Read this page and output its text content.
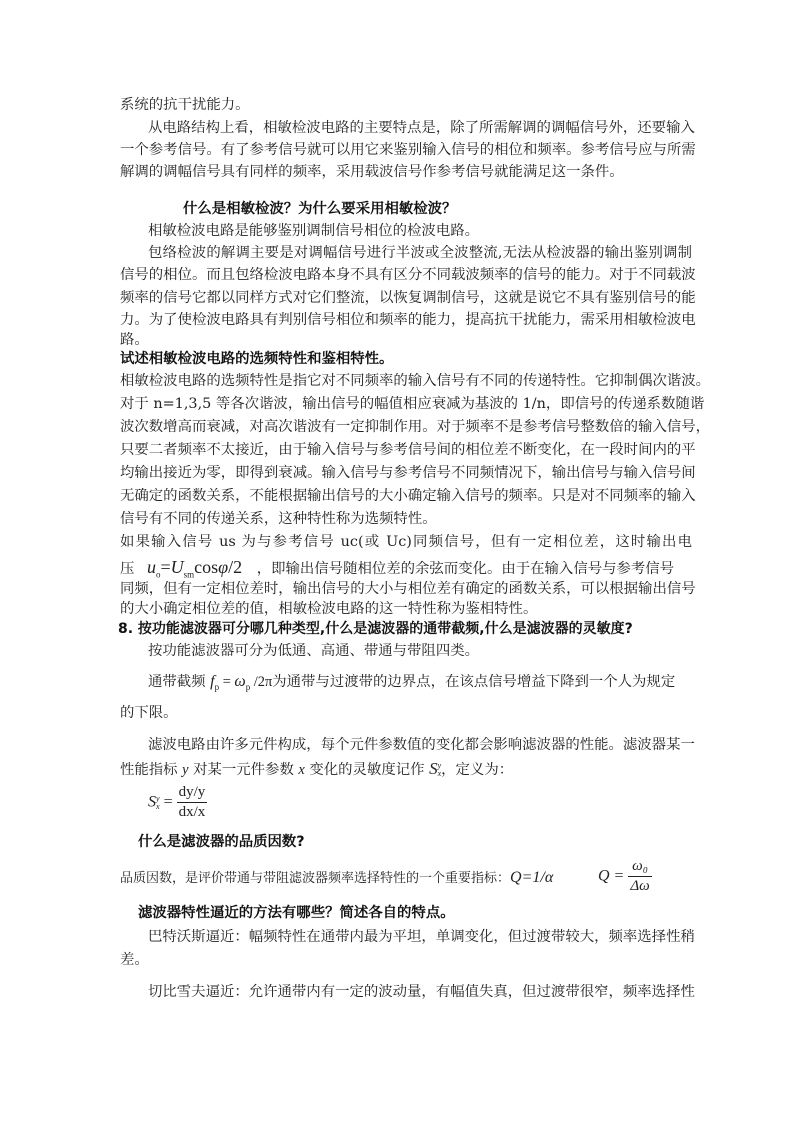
系统的抗干扰能力。
从电路结构上看，相敏检波电路的主要特点是，除了所需解调的调幅信号外，还要输入
一个参考信号。有了参考信号就可以用它来鉴别输入信号的相位和频率。参考信号应与所需
解调的调幅信号具有同样的频率，采用载波信号作参考信号就能满足这一条件。
什么是相敏检波？为什么要采用相敏检波？
相敏检波电路是能够鉴别调制信号相位的检波电路。
包络检波的解调主要是对调幅信号进行半波或全波整流,无法从检波器的输出鉴别调制
信号的相位。而且包络检波电路本身不具有区分不同载波频率的信号的能力。对于不同载波
频率的信号它都以同样方式对它们整流，以恢复调制信号，这就是说它不具有鉴别信号的能
力。为了使检波电路具有判别信号相位和频率的能力，提高抗干扰能力，需采用相敏检波电
路。
试述相敏检波电路的选频特性和鉴相特性。
相敏检波电路的选频特性是指它对不同频率的输入信号有不同的传递特性。它抑制偶次谐波。
对于 n=1,3,5 等各次谐波，输出信号的幅值相应衰减为基波的 1/n，即信号的传递系数随谐
波次数增高而衰减，对高次谐波有一定抑制作用。对于频率不是参考信号整数倍的输入信号，
只要二者频率不太接近，由于输入信号与参考信号间的相位差不断变化，在一段时间内的平
均输出接近为零，即得到衰减。输入信号与参考信号不同频情况下，输出信号与输入信号间
无确定的函数关系，不能根据输出信号的大小确定输入信号的频率。只是对不同频率的输入
信号有不同的传递关系，这种特性称为选频特性。
如果输入信号 us 为与参考信号 uc(或 Uc)同频信号，但有一定相位差，这时输出电
压 $u_o=U_{sm}\cos\varphi/2$ ，即输出信号随相位差的余弦而变化。由于在输入信号与参考信号
同频，但有一定相位差时，输出信号的大小与相位差有确定的函数关系，可以根据输出信号
的大小确定相位差的值，相敏检波电路的这一特性称为鉴相特性。
8. 按功能滤波器可分哪几种类型,什么是滤波器的通带截频,什么是滤波器的灵敏度?
按功能滤波器可分为低通、高通、带通与带阻四类。
通带截频 $f_p = \omega_p$ /2π为通带与过渡带的边界点，在该点信号增益下降到一个人为规定
的下限。
滤波电路由许多元件构成，每个元件参数值的变化都会影响滤波器的性能。滤波器某一
性能指标 y 对某一元件参数 x 变化的灵敏度记作 S y
x ，定义为：
S y
$x = \frac{dy/y}{dx/x}$
什么是滤波器的品质因数?
品质因数，是评价带通与带阻滤波器频率选择特性的一个重要指标：Q=1/α	$Q = \frac{\text{ω₀}}{\Delta\omega}$
滤波器特性逼近的方法有哪些？简述各自的特点。
巴特沃斯逼近：幅频特性在通带内最为平坦，单调变化，但过渡带较大，频率选择性稍
差。
切比雪夫逼近：允许通带内有一定的波动量，有幅值失真，但过渡带很窄，频率选择性
